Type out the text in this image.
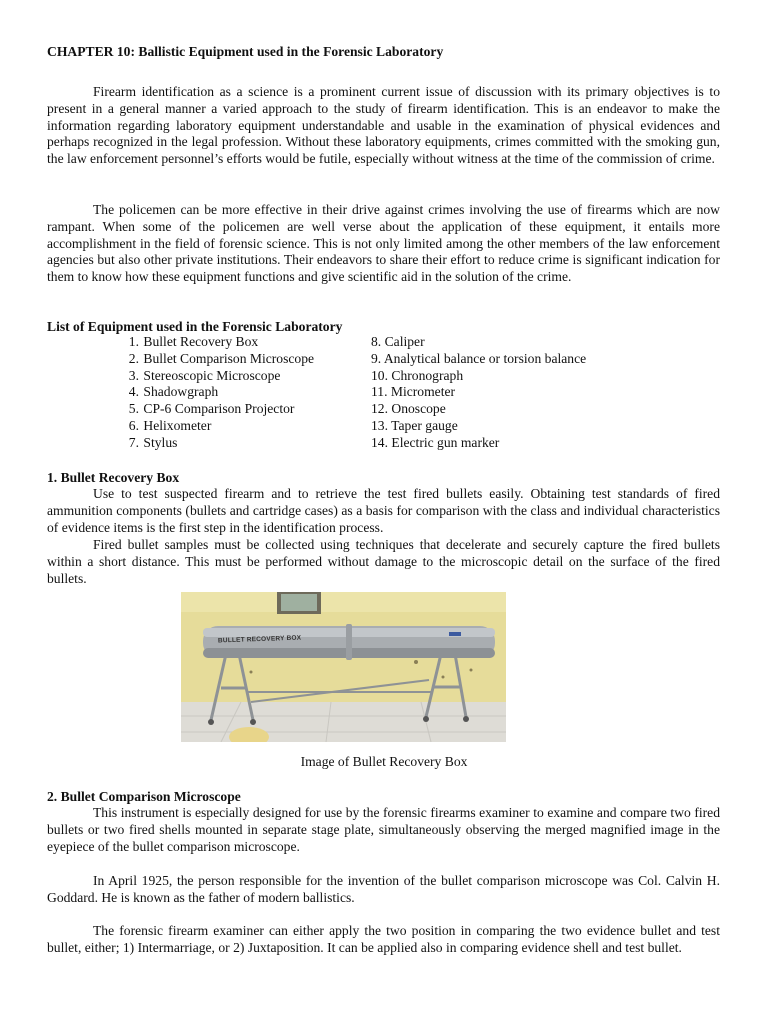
CHAPTER 10: Ballistic Equipment used in the Forensic Laboratory

Firearm identification as a science is a prominent current issue of discussion with its primary objectives is to present in a general manner a varied approach to the study of firearm identification. This is an endeavor to make the information regarding laboratory equipment understandable and usable in the examination of physical evidences and perhaps recognized in the legal profession. Without these laboratory equipments, crimes committed with the smoking gun, the law enforcement personnel’s efforts would be futile, especially without witness at the time of the commission of crime.

The policemen can be more effective in their drive against crimes involving the use of firearms which are now rampant. When some of the policemen are well verse about the application of these equipment, it entails more accomplishment in the field of forensic science. This is not only limited among the other members of the law enforcement agencies but also other private institutions. Their endeavors to share their effort to reduce crime is significant indication for them to know how these equipment functions and give scientific aid in the solution of the crime.

List of Equipment used in the Forensic Laboratory
1. Bullet Recovery Box
2. Bullet Comparison Microscope
3. Stereoscopic Microscope
4. Shadowgraph
5. CP-6 Comparison Projector
6. Helixometer
7. Stylus
8. Caliper
9. Analytical balance or torsion balance
10. Chronograph
11. Micrometer
12. Onoscope
13. Taper gauge
14. Electric gun marker
1. Bullet Recovery Box

Use to test suspected firearm and to retrieve the test fired bullets easily. Obtaining test standards of fired ammunition components (bullets and cartridge cases) as a basis for comparison with the class and individual characteristics of evidence items is the first step in the identification process.

Fired bullet samples must be collected using techniques that decelerate and securely capture the fired bullets within a short distance. This must be performed without damage to the microscopic detail on the surface of the fired bullets.

BULLET RECOVERY BOX
Image of Bullet Recovery Box
2. Bullet Comparison Microscope

This instrument is especially designed for use by the forensic firearms examiner to examine and compare two fired bullets or two fired shells mounted in separate stage plate, simultaneously observing the merged magnified image in the eyepiece of the bullet comparison microscope.

In April 1925, the person responsible for the invention of the bullet comparison microscope was Col. Calvin H. Goddard. He is known as the father of modern ballistics.

The forensic firearm examiner can either apply the two position in comparing the two evidence bullet and test bullet, either; 1) Intermarriage, or 2) Juxtaposition. It can be applied also in comparing evidence shell and test bullet.
